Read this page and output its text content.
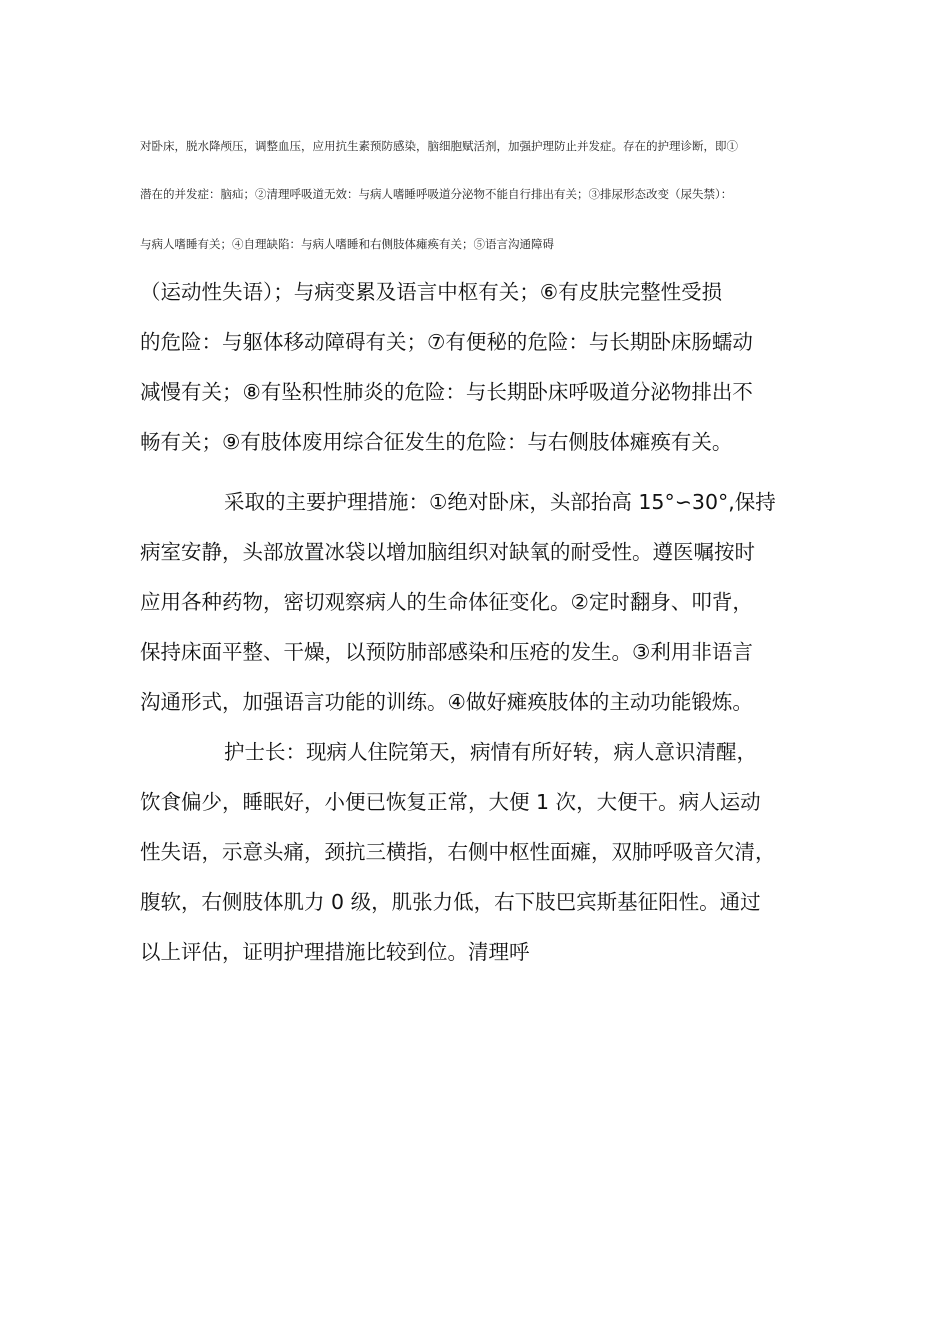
对卧床，脱水降颅压，调整血压，应用抗生素预防感染，脑细胞赋活剂，加强护理防止并发症。存在的护理诊断，即①
潜在的并发症：脑疝；②清理呼吸道无效：与病人嗜睡呼吸道分泌物不能自行排出有关；③排尿形态改变（尿失禁）：
与病人嗜睡有关；④自理缺陷：与病人嗜睡和右侧肢体瘫痪有关；⑤语言沟通障碍
（运动性失语）；与病变累及语言中枢有关；⑥有皮肤完整性受损
的危险：与躯体移动障碍有关；⑦有便秘的危险：与长期卧床肠蠕动
减慢有关；⑧有坠积性肺炎的危险：与长期卧床呼吸道分泌物排出不
畅有关；⑨有肢体废用综合征发生的危险：与右侧肢体瘫痪有关。
采取的主要护理措施：①绝对卧床，头部抬高 15°∽30°,保持
病室安静，头部放置冰袋以增加脑组织对缺氧的耐受性。遵医嘱按时
应用各种药物，密切观察病人的生命体征变化。②定时翻身、叩背，
保持床面平整、干燥，以预防肺部感染和压疮的发生。③利用非语言
沟通形式，加强语言功能的训练。④做好瘫痪肢体的主动功能锻炼。
护士长：现病人住院第天，病情有所好转，病人意识清醒，
饮食偏少，睡眠好，小便已恢复正常，大便 1 次，大便干。病人运动
性失语，示意头痛，颈抗三横指，右侧中枢性面瘫，双肺呼吸音欠清，
腹软，右侧肢体肌力 0 级，肌张力低，右下肢巴宾斯基征阳性。通过
以上评估，证明护理措施比较到位。清理呼
